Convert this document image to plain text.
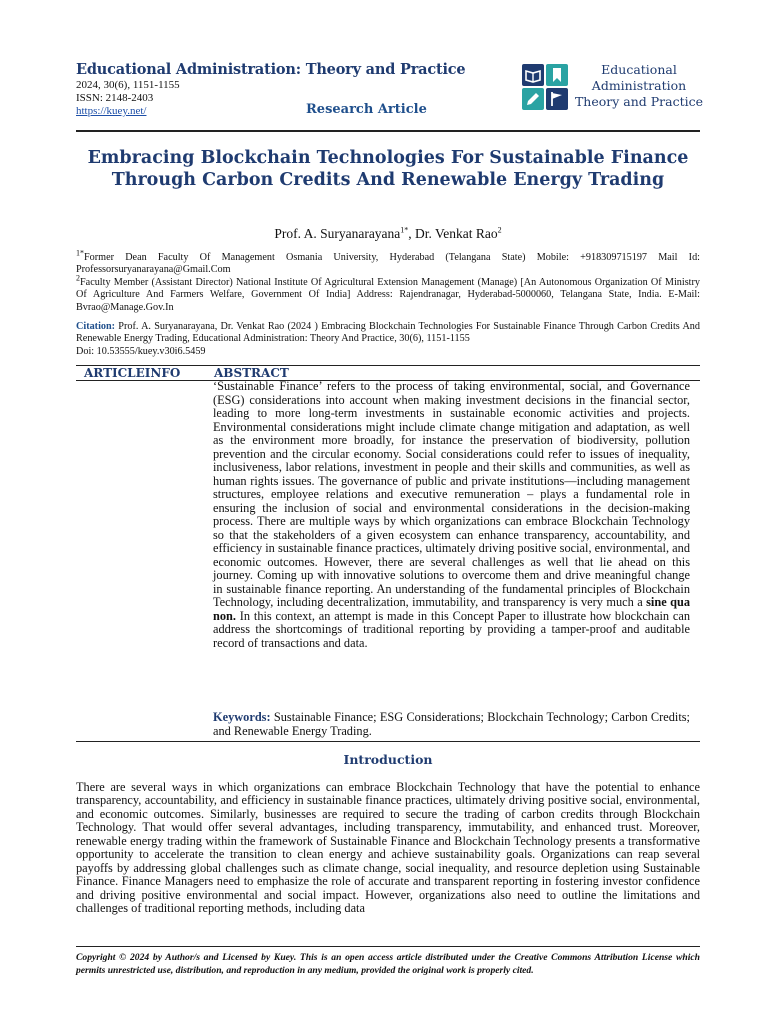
Educational Administration: Theory and Practice
2024, 30(6), 1151-1155
ISSN: 2148-2403
https://kuey.net/	Research Article
Educational
Administration
Theory and Practice
Embracing Blockchain Technologies For Sustainable Finance Through Carbon Credits And Renewable Energy Trading
Prof. A. Suryanarayana$^{1*}$, Dr. Venkat Rao$^2$
$^{1*}$Former Dean Faculty Of Management Osmania University, Hyderabad (Telangana State) Mobile: +918309715197 Mail Id: Professorsuryanarayana@Gmail.Com
$^2$Faculty Member (Assistant Director) National Institute Of Agricultural Extension Management (Manage) [An Autonomous Organization Of Ministry Of Agriculture And Farmers Welfare, Government Of India] Address: Rajendranagar, Hyderabad-5000060, Telangana State, India. E-Mail: Bvrao@Manage.Gov.In
Citation: Prof. A. Suryanarayana, Dr. Venkat Rao (2024 ) Embracing Blockchain Technologies For Sustainable Finance Through Carbon Credits And Renewable Energy Trading, Educational Administration: Theory And Practice, 30(6), 1151-1155
Doi: 10.53555/kuey.v30i6.5459
ARTICLEINFO	ABSTRACT
‘Sustainable Finance’ refers to the process of taking environmental, social, and Governance (ESG) considerations into account when making investment decisions in the financial sector, leading to more long-term investments in sustainable economic activities and projects. Environmental considerations might include climate change mitigation and adaptation, as well as the environment more broadly, for instance the preservation of biodiversity, pollution prevention and the circular economy. Social considerations could refer to issues of inequality, inclusiveness, labor relations, investment in people and their skills and communities, as well as human rights issues. The governance of public and private institutions—including management structures, employee relations and executive remuneration – plays a fundamental role in ensuring the inclusion of social and environmental considerations in the decision-making process. There are multiple ways by which organizations can embrace Blockchain Technology so that the stakeholders of a given ecosystem can enhance transparency, accountability, and efficiency in sustainable finance practices, ultimately driving positive social, environmental, and economic outcomes. However, there are several challenges as well that lie ahead on this journey. Coming up with innovative solutions to overcome them and drive meaningful change in sustainable finance reporting. An understanding of the fundamental principles of Blockchain Technology, including decentralization, immutability, and transparency is very much a sine qua non. In this context, an attempt is made in this Concept Paper to illustrate how blockchain can address the shortcomings of traditional reporting by providing a tamper-proof and auditable record of transactions and data.
Keywords: Sustainable Finance; ESG Considerations; Blockchain Technology; Carbon Credits; and Renewable Energy Trading.
Introduction
There are several ways in which organizations can embrace Blockchain Technology that have the potential to enhance transparency, accountability, and efficiency in sustainable finance practices, ultimately driving positive social, environmental, and economic outcomes. Similarly, businesses are required to secure the trading of carbon credits through Blockchain Technology. That would offer several advantages, including transparency, immutability, and enhanced trust. Moreover, renewable energy trading within the framework of Sustainable Finance and Blockchain Technology presents a transformative opportunity to accelerate the transition to clean energy and achieve sustainability goals. Organizations can reap several payoffs by addressing global challenges such as climate change, social inequality, and resource depletion using Sustainable Finance. Finance Managers need to emphasize the role of accurate and transparent reporting in fostering investor confidence and driving positive environmental and social impact. However, organizations also need to outline the limitations and challenges of traditional reporting methods, including data
Copyright © 2024 by Author/s and Licensed by Kuey. This is an open access article distributed under the Creative Commons Attribution License which permits unrestricted use, distribution, and reproduction in any medium, provided the original work is properly cited.
